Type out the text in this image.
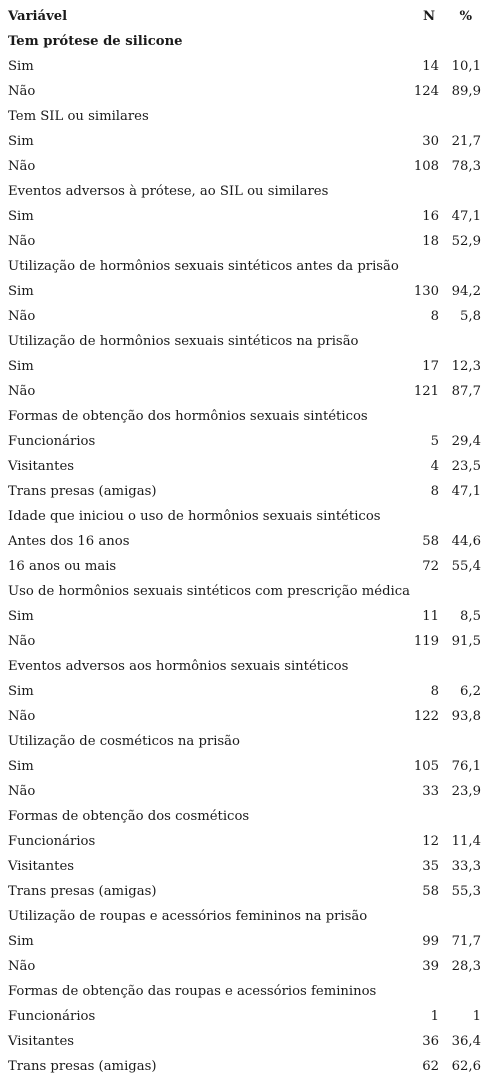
Variável	N %
Tem prótese de silicone
Sim	14 10,1
Não	124 89,9
Tem SIL ou similares
Sim	30 21,7
Não	108 78,3
Eventos adversos à prótese, ao SIL ou similares
Sim	16 47,1
Não	18 52,9
Utilização de hormônios sexuais sintéticos antes da prisão
Sim	130 94,2
Não	8 5,8
Utilização de hormônios sexuais sintéticos na prisão
Sim	17 12,3
Não	121 87,7
Formas de obtenção dos hormônios sexuais sintéticos
Funcionários	5 29,4
Visitantes	4 23,5
Trans presas (amigas)	8 47,1
Idade que iniciou o uso de hormônios sexuais sintéticos
Antes dos 16 anos	58 44,6
16 anos ou mais	72 55,4
Uso de hormônios sexuais sintéticos com prescrição médica
Sim	11 8,5
Não	119 91,5
Eventos adversos aos hormônios sexuais sintéticos
Sim	8 6,2
Não	122 93,8
Utilização de cosméticos na prisão
Sim	105 76,1
Não	33 23,9
Formas de obtenção dos cosméticos
Funcionários	12 11,4
Visitantes	35 33,3
Trans presas (amigas)	58 55,3
Utilização de roupas e acessórios femininos na prisão
Sim	99 71,7
Não	39 28,3
Formas de obtenção das roupas e acessórios femininos
Funcionários	1	1
Visitantes	36 36,4
Trans presas (amigas)	62 62,6
